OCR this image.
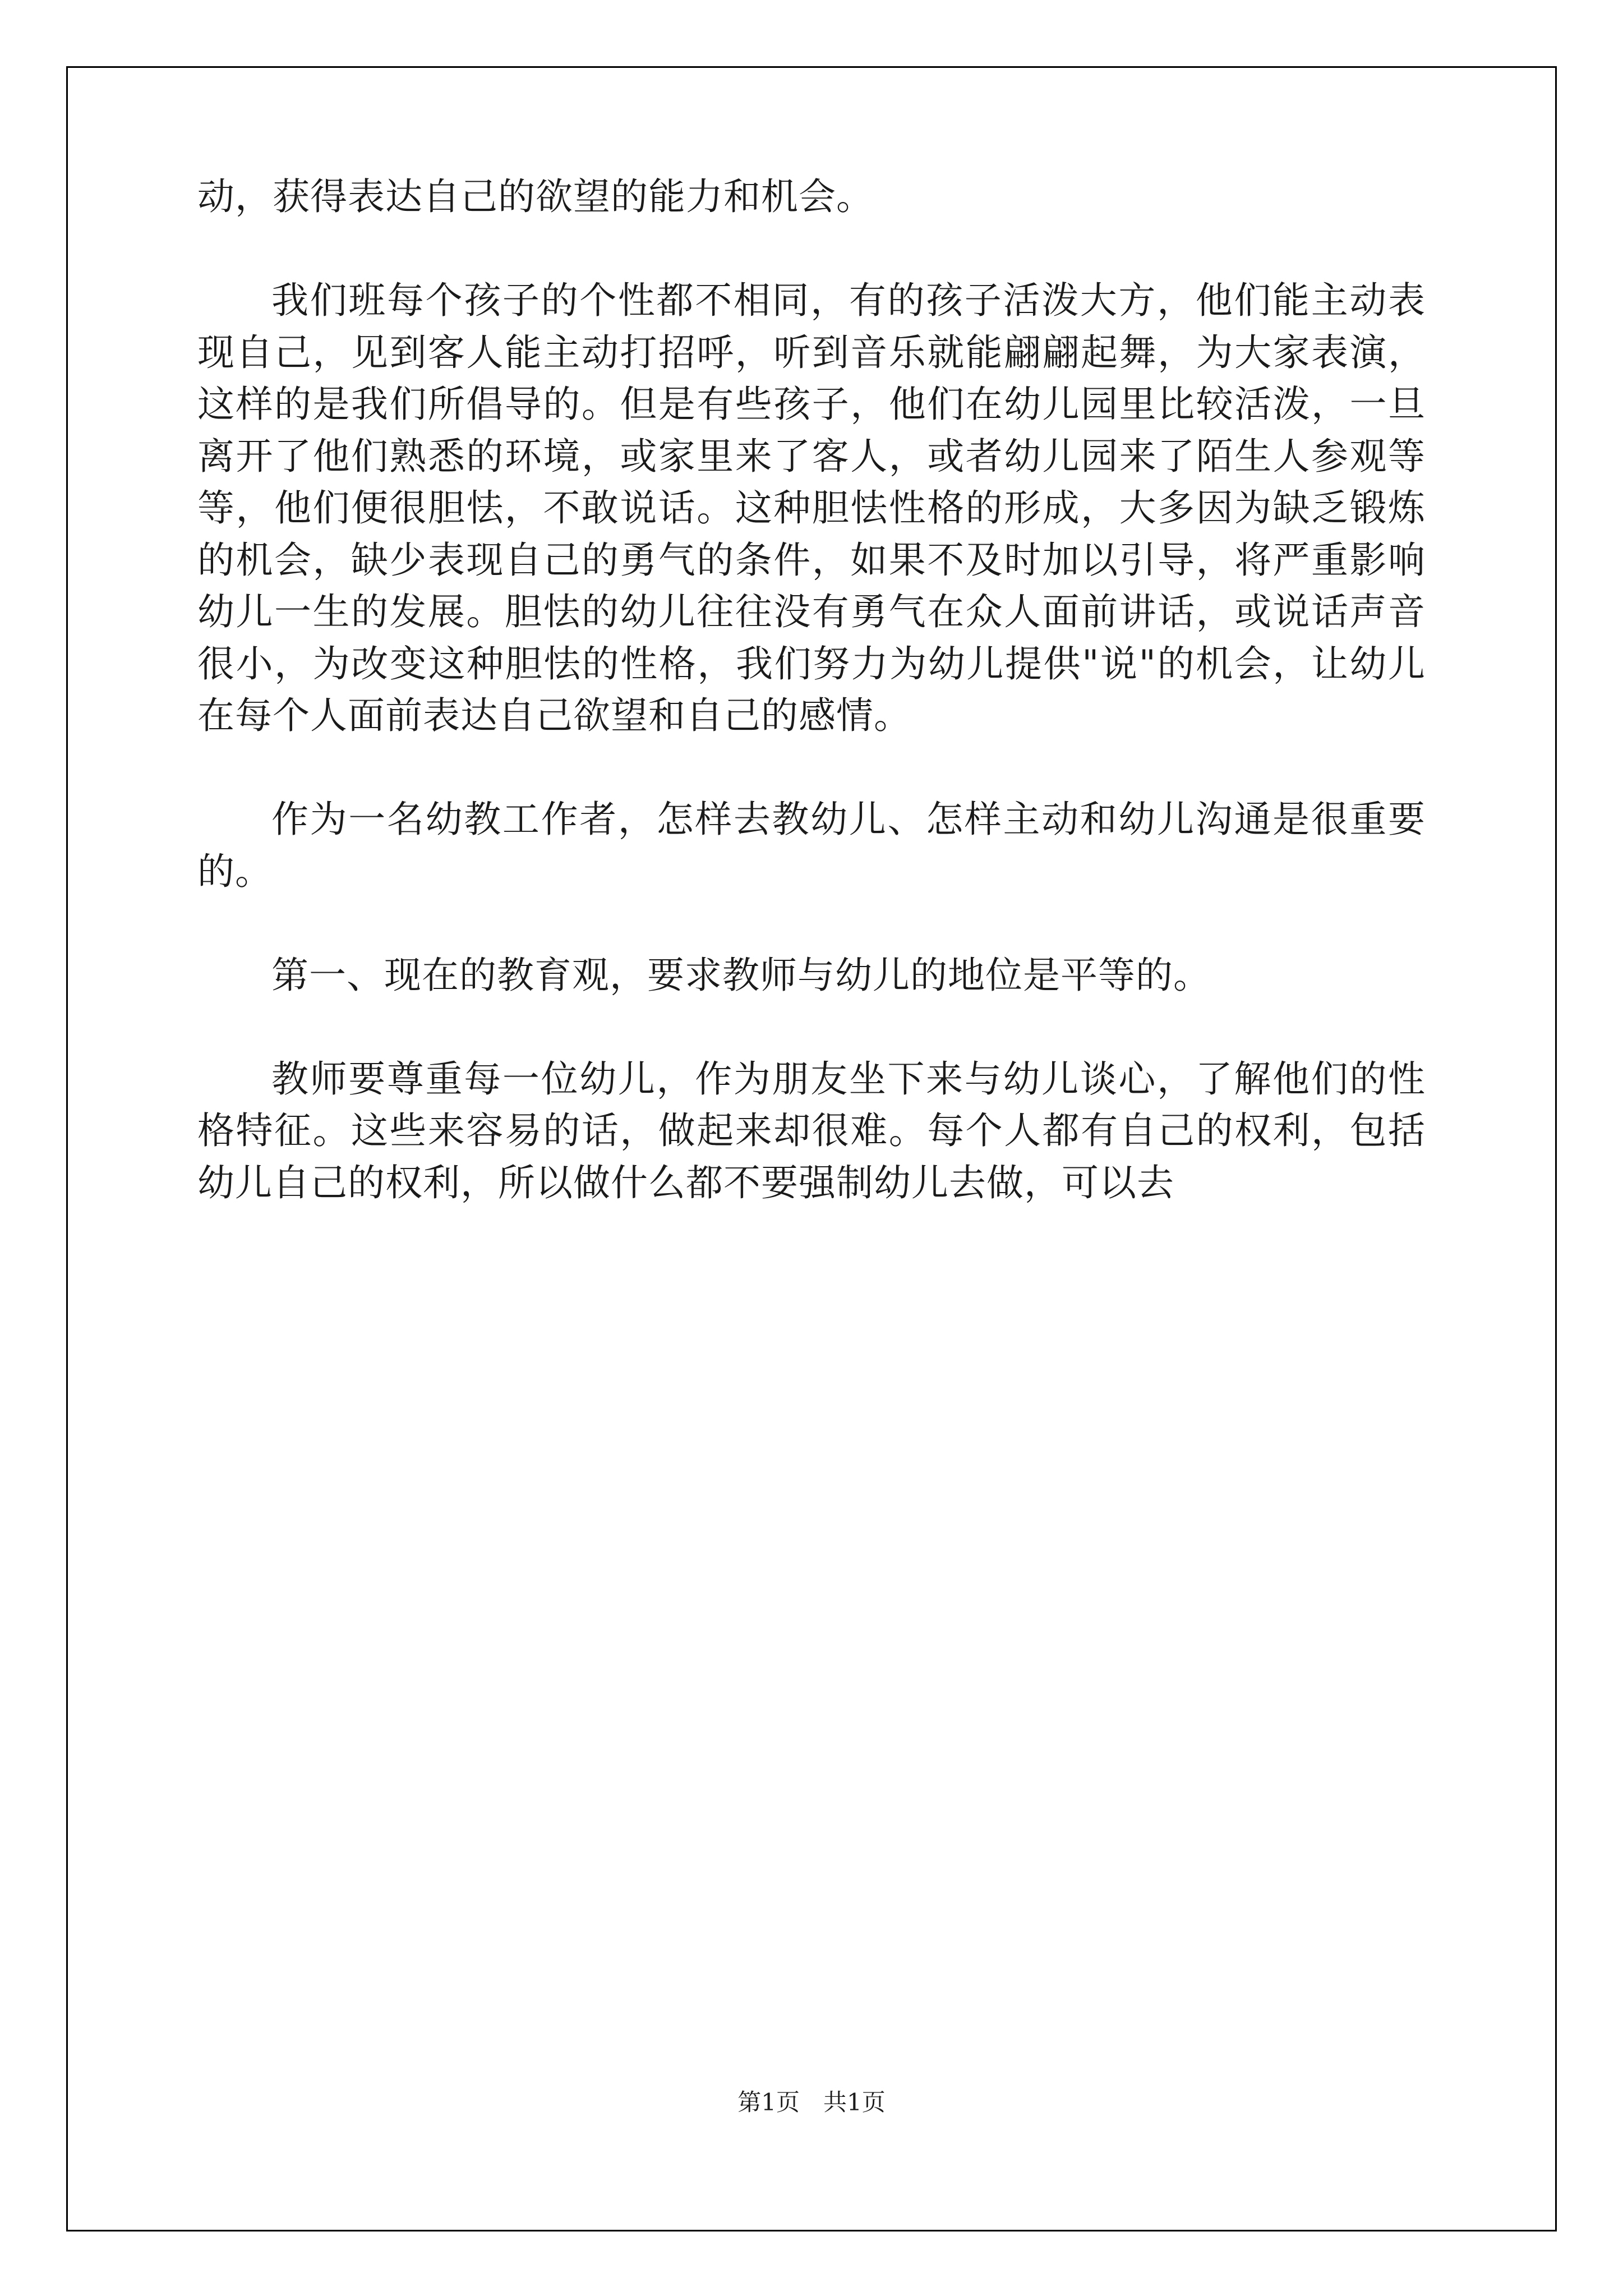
动，获得表达自己的欲望的能力和机会。

我们班每个孩子的个性都不相同，有的孩子活泼大方，他们能主动表现自己，见到客人能主动打招呼，听到音乐就能翩翩起舞，为大家表演，这样的是我们所倡导的。但是有些孩子，他们在幼儿园里比较活泼，一旦离开了他们熟悉的环境，或家里来了客人，或者幼儿园来了陌生人参观等等，他们便很胆怯，不敢说话。这种胆怯性格的形成，大多因为缺乏锻炼的机会，缺少表现自己的勇气的条件，如果不及时加以引导，将严重影响幼儿一生的发展。胆怯的幼儿往往没有勇气在众人面前讲话，或说话声音很小，为改变这种胆怯的性格，我们努力为幼儿提供"说"的机会，让幼儿在每个人面前表达自己欲望和自己的感情。

作为一名幼教工作者，怎样去教幼儿、怎样主动和幼儿沟通是很重要的。

第一、现在的教育观，要求教师与幼儿的地位是平等的。

教师要尊重每一位幼儿，作为朋友坐下来与幼儿谈心，了解他们的性格特征。这些来容易的话，做起来却很难。每个人都有自己的权利，包括幼儿自己的权利，所以做什么都不要强制幼儿去做，可以去

第1页　共1页
